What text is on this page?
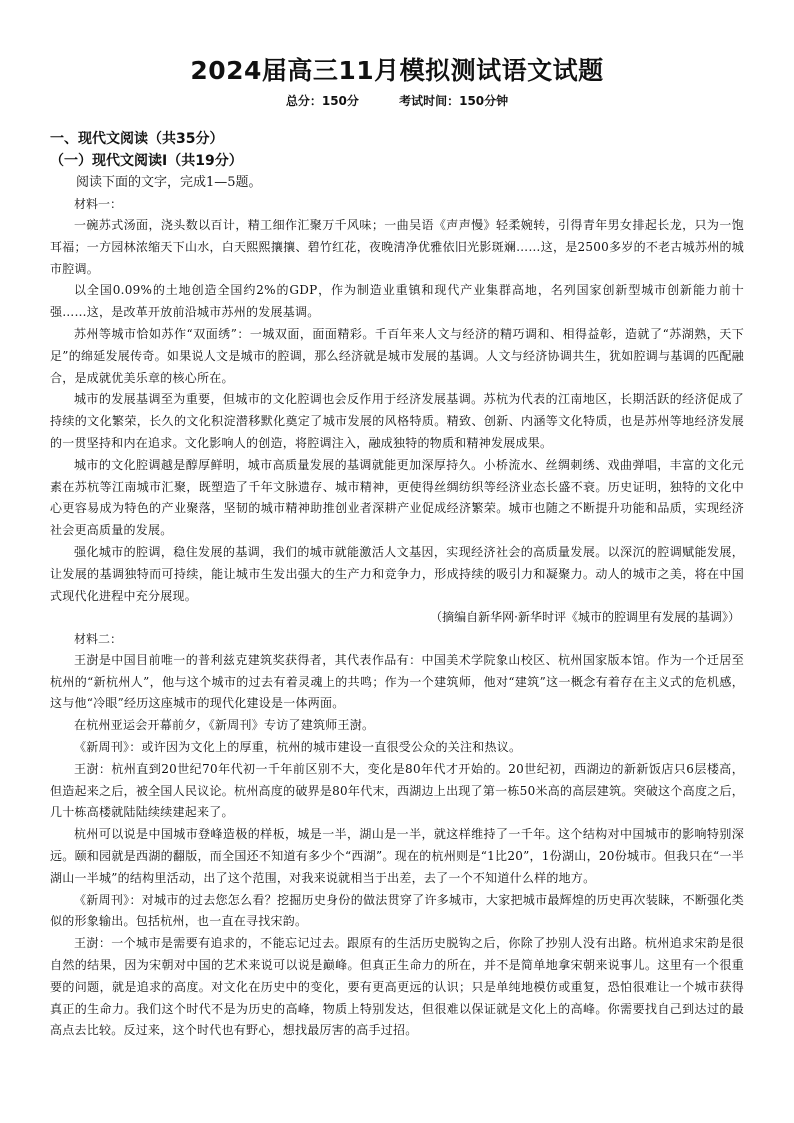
2024届高三11月模拟测试语文试题
总分：150分	考试时间：150分钟
一、现代文阅读（共35分）
（一）现代文阅读I（共19分）
阅读下面的文字，完成1—5题。
材料一：

一碗苏式汤面，浇头数以百计，精工细作汇聚万千风味；一曲吴语《声声慢》轻柔婉转，引得青年男女排起长龙，只为一饱耳福；一方园林浓缩天下山水，白天熙熙攘攘、碧竹红花，夜晚清净优雅依旧光影斑斓……这，是2500多岁的不老古城苏州的城市腔调。

以全国0.09%的土地创造全国约2%的GDP，作为制造业重镇和现代产业集群高地，名列国家创新型城市创新能力前十强……这，是改革开放前沿城市苏州的发展基调。

苏州等城市恰如苏作“双面绣”：一城双面，面面精彩。千百年来人文与经济的精巧调和、相得益彰，造就了“苏湖熟，天下足”的绵延发展传奇。如果说人文是城市的腔调，那么经济就是城市发展的基调。人文与经济协调共生，犹如腔调与基调的匹配融合，是成就优美乐章的核心所在。

城市的发展基调至为重要，但城市的文化腔调也会反作用于经济发展基调。苏杭为代表的江南地区，长期活跃的经济促成了持续的文化繁荣，长久的文化积淀潜移默化奠定了城市发展的风格特质。精致、创新、内涵等文化特质，也是苏州等地经济发展的一贯坚持和内在追求。文化影响人的创造，将腔调注入，融成独特的物质和精神发展成果。

城市的文化腔调越是醇厚鲜明，城市高质量发展的基调就能更加深厚持久。小桥流水、丝绸刺绣、戏曲弹唱，丰富的文化元素在苏杭等江南城市汇聚，既塑造了千年文脉遗存、城市精神，更使得丝绸纺织等经济业态长盛不衰。历史证明，独特的文化中心更容易成为特色的产业聚落，坚韧的城市精神助推创业者深耕产业促成经济繁荣。城市也随之不断提升功能和品质，实现经济社会更高质量的发展。

强化城市的腔调，稳住发展的基调，我们的城市就能激活人文基因，实现经济社会的高质量发展。以深沉的腔调赋能发展，让发展的基调独特而可持续，能让城市生发出强大的生产力和竞争力，形成持续的吸引力和凝聚力。动人的城市之美，将在中国式现代化进程中充分展现。

（摘编自新华网·新华时评《城市的腔调里有发展的基调》）
材料二：

王澍是中国目前唯一的普利兹克建筑奖获得者，其代表作品有：中国美术学院象山校区、杭州国家版本馆。作为一个迁居至杭州的“新杭州人”，他与这个城市的过去有着灵魂上的共鸣；作为一个建筑师，他对“建筑”这一概念有着存在主义式的危机感，这与他“冷眼”经历这座城市的现代化建设是一体两面。

在杭州亚运会开幕前夕，《新周刊》专访了建筑师王澍。

《新周刊》：或许因为文化上的厚重，杭州的城市建设一直很受公众的关注和热议。

王澍：杭州直到20世纪70年代初一千年前区别不大，变化是80年代才开始的。20世纪初，西湖边的新新饭店只6层楼高，但造起来之后，被全国人民议论。杭州高度的破界是80年代末，西湖边上出现了第一栋50米高的高层建筑。突破这个高度之后，几十栋高楼就陆陆续续建起来了。

杭州可以说是中国城市登峰造极的样板，城是一半，湖山是一半，就这样维持了一千年。这个结构对中国城市的影响特别深远。颐和园就是西湖的翻版，而全国还不知道有多少个“西湖”。现在的杭州则是“1比20”，1份湖山，20份城市。但我只在“一半湖山一半城”的结构里活动，出了这个范围，对我来说就相当于出差，去了一个不知道什么样的地方。

《新周刊》：对城市的过去您怎么看？挖掘历史身份的做法贯穿了许多城市，大家把城市最辉煌的历史再次装睐，不断强化类似的形象输出。包括杭州，也一直在寻找宋韵。

王澍：一个城市是需要有追求的，不能忘记过去。跟原有的生活历史脱钩之后，你除了抄别人没有出路。杭州追求宋韵是很自然的结果，因为宋朝对中国的艺术来说可以说是巅峰。但真正生命力的所在，并不是简单地拿宋朝来说事儿。这里有一个很重要的问题，就是追求的高度。对文化在历史中的变化，要有更高更远的认识；只是单纯地模仿或重复，恐怕很难让一个城市获得真正的生命力。我们这个时代不是为历史的高峰，物质上特别发达，但很难以保证就是文化上的高峰。你需要找自己到达过的最高点去比较。反过来，这个时代也有野心，想找最厉害的高手过招。
